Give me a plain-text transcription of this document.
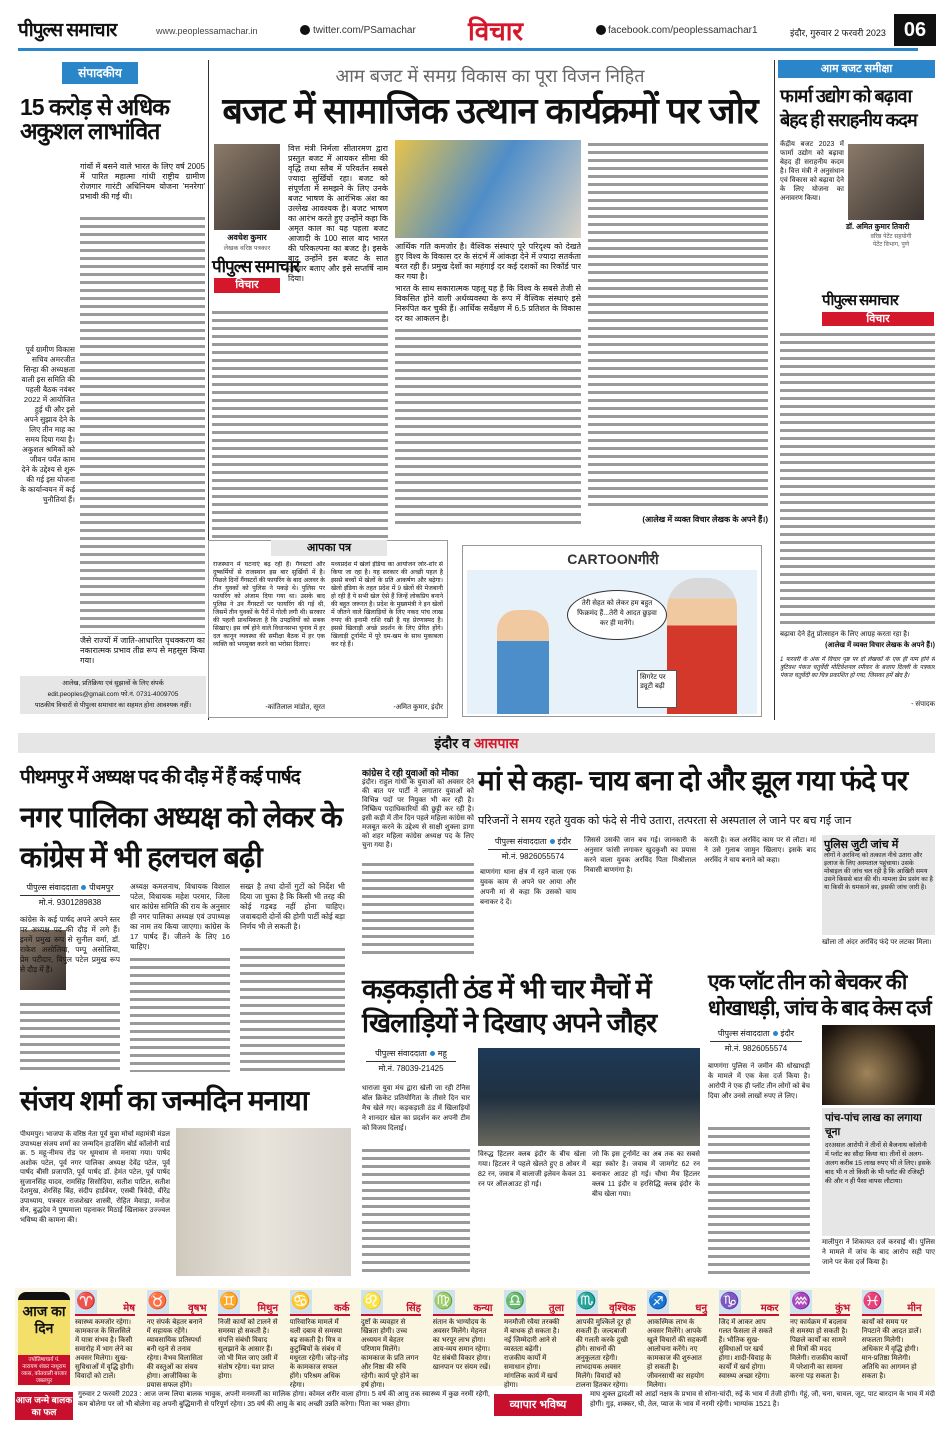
पीपुल्स समाचार	www.peoplessamachar.in	twitter.com/PSamachar विचार	facebook.com/peoplessamachar1	इंदौर, गुरुवार 2 फरवरी 2023 06
संपादकीय
15 करोड़ से अधिक अकुशल लाभांवित
गांवों में बसने वाले भारत के लिए वर्ष 2005 में पारित महात्मा गांधी राष्ट्रीय ग्रामीण रोजगार गारंटी अधिनियम योजना 'मनरेगा' प्रभावी की गई थी।
पूर्व ग्रामीण विकास सचिव अमरजीत सिन्हा की अध्यक्षता वाली इस समिति की पहली बैठक नवंबर 2022 में आयोजित हुई थी और इसे अपने सुझाव देने के लिए तीन माह का समय दिया गया है। अकुशल श्रमिकों को जीवन पर्यंत काम देने के उद्देश्य से शुरू की गई इस योजना के कार्यान्वयन में कई चुनौतियां हैं।
जैसे राज्यों में जाति-आधारित पृथक्करण का नकारात्मक प्रभाव तीव्र रूप से महसूस किया गया।
आलेख, प्रतिक्रिया एवं सुझावों के लिए संपर्क
edit.peoples@gmail.com फो.नं. 0731-4009705
पाठकीय विचारों से पीपुल्स समाचार का सहमत होना आवश्यक नहीं।
आम बजट में समग्र विकास का पूरा विजन निहित
बजट में सामाजिक उत्थान कार्यक्रमों पर जोर
अवधेश कुमार
लेखक वरिष्ठ पत्रकार
पीपुल्स समाचार
विचार
वित्त मंत्री निर्मला सीतारमण द्वारा प्रस्तुत बजट में आयकर सीमा की वृद्धि तथा स्लैब में परिवर्तन सबसे ज्यादा सुर्खियों रहा। बजट को संपूर्णता में समझने के लिए उनके बजट भाषण के आरंभिक अंश का उल्लेख आवश्यक है। बजट भाषण का आरंभ करते हुए उन्होंने कहा कि अमृत काल का यह पहला बजट आजादी के 100 साल बाद भारत की परिकल्पना का बजट है। इसके बाद उन्होंने इस बजट के सात आधार बताए और इसे सप्तर्षि नाम दिया।
आर्थिक गति कमजोर है। वैश्विक संस्थाएं पूरे परिदृश्य को देखते हुए विश्व के विकास दर के संदर्भ में आंकड़ा देने में ज्यादा सतर्कता बरत रही हैं। प्रमुख देशों का महंगाई दर कई दशकों का रिकॉर्ड पार कर गया है।
भारत के साथ सकारात्मक पहलू यह है कि विश्व के सबसे तेजी से विकसित होने वाली अर्थव्यवस्था के रूप में वैश्विक संस्थाएं इसे निरूपित कर चुकी हैं। आर्थिक सर्वेक्षण में 6.5 प्रतिशत के विकास दर का आकलन है।
(आलेख में व्यक्त विचार लेखक के अपने हैं।)
आपका पत्र
राजस्थान में घटनाएं बढ़ रही हैं। गैंगस्टरों और दुष्कर्मियों से राजस्थान इस बार सुर्खियों में है। पिछले दिनों गैंगस्टरों की फायरिंग के बाद अलवर के तीन युवकों को पुलिस ने पकड़े थे। पुलिस पर फायरिंग को अंजाम दिया गया था। उसके बाद पुलिस ने उन गैंगस्टरों पर फायरिंग की गई थी, जिसमें तीन युवकों के पैरों में गोली लगी थी। सरकार की पहली प्राथमिकता है कि उपद्रवियों को सबक सिखाए। इस वर्ष होने वाले विधानसभा चुनाव में हर दल कानून व्यवस्था की समीक्षा बैठक में हर एक व्यक्ति को भयमुक्त करने का भरोसा दिलाए।
-कांतिलाल मांडोत, सूरत
मध्यप्रदेश में खेलो इंडिया का आयोजन जोर-शोर से किया जा रहा है। यह सरकार की अच्छी पहल है इससे बच्चों में खेलों के प्रति आकर्षण और बढ़ेगा। खेलो इंडिया के तहत प्रदेश में 9 खेलों की मेजबानी हो रही है ये सभी खेल ऐसे हैं जिन्हें लोकप्रिय बनाने की बहुत जरूरत है। प्रदेश के मुख्यमंत्री ने इन खेलों में जीतने वाले खिलाड़ियों के लिए नकद पांच लाख रुपए की इनामी राशि रखी है यह प्रेरणास्पद है। इससे खिलाड़ी अच्छे प्रदर्शन के लिए प्रेरित होंगे। खिलाड़ी टूर्नामेंट में पूरे दम-खम के साथ मुकाबला कर रहे हैं।
-अमित कुमार, इंदौर
CARTOONगीरी
तेरी सेहत को लेकर हम बहुत फिक्रमंद हैं...तेरी ये आदत छुड़वा कर ही मानेंगे।
सिगरेट पर ड्यूटी बढ़ी
आम बजट समीक्षा
फार्मा उद्योग को बढ़ावा बेहद ही सराहनीय कदम
केंद्रीय बजट 2023 में फार्मा उद्योग को बढ़ावा बेहद ही सराहनीय कदम है। वित्त मंत्री ने अनुसंधान एवं विकास को बढ़ावा देने के लिए योजना का अनावरण किया।
डॉ. अमित कुमार तिवारी
वरिष्ठ पेटेंट सहयोगी
पेटेंट विभाग, पुणे
पीपुल्स समाचार
विचार
बढ़ावा देने हेतु प्रोत्साहन के लिए आग्रह करता रहा है।
(आलेख में व्यक्त विचार लेखक के अपने हैं।)
1 फरवरी के अंक में विचार पृष्ठ पर दो लेखकों के एक ही नाम होने से त्रुटिवश पंकज चतुर्वेदी मोटिवेशनल स्पीकर के बजाय दिल्ली के पत्रकार पंकज चतुर्वेदी का चित्र प्रकाशित हो गया, जिसका हमें खेद है।
- संपादक
इंदौर व आसपास
पीथमपुर में अध्यक्ष पद की दौड़ में हैं कई पार्षद
नगर पालिका अध्यक्ष को लेकर के कांग्रेस में भी हलचल बढ़ी
पीपुल्स संवाददाता पीथमपुर
मो.नं. 9301289838
कांग्रेस के कई पार्षद अपने अपने स्तर पर अध्यक्ष पद की दौड़ में लगे हैं। इनमें प्रमुख रूप से सुनील वर्मा, डॉ. राकेश असोलिया, पम्पू असोलिया, प्रेम पटीदार, विपुल पटेल प्रमुख रूप से दौड़ में हैं।
अध्यक्ष कमलनाथ, विधायक विशाल पटेल, विधायक महेश परमार, जिला धार कांग्रेस समिति की राय के अनुसार ही नगर पालिका अध्यक्ष एवं उपाध्यक्ष का नाम तय किया जाएगा। कांग्रेस के 17 पार्षद हैं। जीतने के लिए 16 चाहिए।
सख्त है तथा दोनों गुटों को निर्देश भी दिया जा चुका है कि किसी भी तरह की कोई गड़बड़ नहीं होना चाहिए। जवाबदारी दोनों की होगी पार्टी कोई बड़ा निर्णय भी ले सकती है।
कांग्रेस दे रही युवाओं को मौका
इंदौर। राहुल गांधी के युवाओं को अवसर देने की बात पर पार्टी ने लगातार युवाओं को विभिन्न पदों पर नियुक्त भी कर रही है। निष्क्रिय पदाधिकारियों की छुट्टी कर रही है। इसी कड़ी में तीन दिन पहले महिला कांग्रेस को मजबूत करने के उद्देश्य से साक्षी शुक्ला डागा को शहर महिला कांग्रेस अध्यक्ष पद के लिए चुना गया है।
मां से कहा- चाय बना दो और झूल गया फंदे पर
परिजनों ने समय रहते युवक को फंदे से नीचे उतारा, तत्परता से अस्पताल ले जाने पर बच गई जान
पीपुल्स संवाददाता इंदौर
मो.नं. 9826055574
बाणगंगा थाना क्षेत्र में रहने वाला एक युवक काम से अपने घर आया और अपनी मां से कहा कि उसको चाय बनाकर दे दें।
जिससे उसकी जान बच गई। जानकारी के अनुसार फांसी लगाकर खुदकुशी का प्रयास करने वाला युवक अरविंद पिता मिश्रीलाल निवासी बाणगंगा है।
करती है। कल अरविंद काम पर से लौटा। मां ने उसे गुलाब जामुन खिलाए। इसके बाद अरविंद ने चाय बनाने को कहा।
पुलिस जुटी जांच में
लोगों ने अरविन्द को तत्काल नीचे उतारा और इलाज के लिए अस्पताल पहुंचाया। उसके मोबाइल की जांच चल रही है कि आखिरी समय उसने किससे बात की थी। मामला प्रेम प्रसंग का है या किसी के धमकाने का, इसकी जांच जारी है।
खोला तो अंदर अरविंद फंदे पर लटका मिला।
कड़कड़ाती ठंड में भी चार मैचों में खिलाड़ियों ने दिखाए अपने जौहर
पीपुल्स संवाददाता महू
मो.नं. 78039-21425
धाराजा युवा मंच द्वारा खेली जा रही टेनिस बॉल क्रिकेट प्रतियोगिता के तीसरे दिन चार मैच खेले गए। कड़कड़ाती ठंड में खिलाड़ियों ने शानदार खेल का प्रदर्शन कर अपनी टीम को विजय दिलाई।
विरुद्ध हिटलर क्लब इंदौर के बीच खेला गया। हिटलर ने पहले खेलते हुए 8 ओवर में 82 रन, जवाब में बालाजी इलेवन केवल 31 रन पर ऑलआउट हो गई।
जो कि इस टूर्नामेंट का अब तक का सबसे बड़ा स्कोर है। जवाब में जामगेट 62 रन बनाकर आउट हो गई। चौथा मैच हिटलर क्लब 11 इंदौर व हरसिद्धि क्लब इंदौर के बीच खेला गया।
एक प्लॉट तीन को बेचकर की धोखाधड़ी, जांच के बाद केस दर्ज
पीपुल्स संवाददाता इंदौर
मो.नं. 9826055574
बाणगंगा पुलिस ने जमीन की धोखाधड़ी के मामले में एक केस दर्ज किया है। आरोपी ने एक ही प्लॉट तीन लोगों को बेच दिया और उनसे लाखों रुपए ले लिए।
पांच-पांच लाख का लगाया चूना
दरअसल आरोपी ने तीनों से बैजनाथ कॉलोनी में प्लॉट का सौदा किया था। तीनों से अलग-अलग करीब 15 लाख रुपए भी ले लिए। इसके बाद भी न तो किसी के भी प्लॉट की रजिस्ट्री की और न ही पैसा वापस लौटाया।
मालीपुरा ने शिकायत दर्ज करवाई थी। पुलिस ने मामले में जांच के बाद आरोप सही पाए जाने पर केस दर्ज किया है।
संजय शर्मा का जन्मदिन मनाया
पीथमपुर। भाजपा के वरिष्ठ नेता पूर्व युवा मोर्चा महामंत्री मंडल उपाध्यक्ष संजय शर्मा का जन्मदिन हाउसिंग बोर्ड कॉलोनी वार्ड क्र. 5 महू-नीमच रोड पर धूमधाम से मनाया गया। पार्षद अशोक पटेल, पूर्व नगर पालिका अध्यक्ष देवेंद्र पटेल, पूर्व पार्षद बीसी प्रजापति, पूर्व पार्षद डॉ. हेमंत पटेल, पूर्व पार्षद सुजानसिंह यादव, रामसिंह सिसोदिया, सतीश पाटिल, सतीश देशमुख, शेरसिंह बिंह, संदीप हार्डवेयर, एसबी त्रिवेदी, वीरेंद्र उपाध्याय, पत्रकार राजशेखर शास्त्री, रोहित मेवाड़ा, मनोज सेन, बुद्धदेव ने पुष्पमाला पहनाकर मिठाई खिलाकर उज्ज्वल भविष्य की कामना की।
आज का दिन
ज्योतिषाचार्य पं. नारायण शंकर नाथूराम व्यास, कोतवाली बाजार जबलपुर
♈	मेष
स्वास्थ्य कमजोर रहेगा। कामकाज के सिलसिले में यात्रा संभव है। किसी समारोह में भाग लेने का अवसर मिलेगा। सुख-सुविधाओं में वृद्धि होगी। विवादों को टालें।
♉ वृषभ
नए संपर्क बेहतर बनाने में सहायक रहेंगे। व्यावसायिक प्रतिस्पर्धा बनी रहने से तनाव रहेगा। वैभव विलासिता की वस्तुओं का संचय होगा। आजीविका के प्रयास सफल होंगे।
♊ मिथुन
निजी कार्यों को टालने से समस्या हो सकती है। संपत्ति संबंधी विवाद सुलझाने के आसार हैं। जो भी मिल जाए उसी में संतोष रहेगा। यश प्राप्त होगा।
♋ कर्क
पारिवारिक मामले में चली दबाव से समस्या बढ़ सकती है। मित्र व कुटुम्बियों के संबंध में मधुरता रहेगी। जोड़-तोड़ के कामकाज सफल होंगे। परिश्रम अधिक रहेगा।
♌ सिंह
दुष्टों के व्यवहार से खिन्नता होगी। उच्च अध्ययन में बेहतर परिणाम मिलेंगे। कामकाज के प्रति लगन और निष्ठा की रुचि रहेगी। कार्य पूरे होने का हर्ष होगा।
♍ कन्या
संतान के भाग्योदय के अवसर मिलेंगे। मेहनत का भरपूर लाभ होगा। आय-व्यय समान रहेगा। पेट संबंधी विकार होगा। खानपान पर संयम रखें।
♎ तुला
मनमौजी रवैया तरक्की में बाधक हो सकता है। नई जिम्मेदारी आने से व्यस्तता बढ़ेगी। राजकीय कार्यों में समाधान होगा। मांगलिक कार्य में खर्च होगा।
♏ वृश्चिक
आपकी मुश्किलें दूर हो सकती हैं। जल्दबाजी की गलती करके दुखी होंगे। साधनों की अनुकूलता रहेगी। लाभदायक अवसर मिलेंगे। विवादों को टालना हितकर रहेगा।
♐	धनु
आकस्मिक लाभ के अवसर मिलेंगे। आपके खुले विचारों की सहकर्मी आलोचना करेंगे। नए कामकाज की शुरुआत हो सकती है। जीवनसाथी का सहयोग मिलेगा।
♑ मकर
जिद में आकर आप गलत फैसला ले सकते हैं। भौतिक सुख-सुविधाओं पर खर्च होगा। शादी-विवाह के कार्यों में खर्च होगा। स्वास्थ्य अच्छा रहेगा।
♒ कुंभ
नए कार्यक्रम में बदलाव से समस्या हो सकती है। पिछले कार्यों का सामने से मित्रों की मदद मिलेगी। राजकीय कार्यों में परेशानी का सामना करना पड़ सकता है।
♓ मीन
कार्यों को समय पर निपटाने की आदत डालें। सफलता मिलेगी। अधिकार में वृद्धि होगी। मान-प्रतिष्ठा मिलेगी। अतिथि का आगमन हो सकता है।
आज जन्मे बालक का फल
गुरुवार 2 फरवरी 2023 : आज जन्म लिया बालक भावुक, अपनी मनमर्जी का मालिक होगा। कोमल शरीर वाला होगा। 5 वर्ष की आयु तक स्वास्थ्य में कुछ नरमी रहेगी, कम बोलेगा पर जो भी बोलेगा वह अपनी बुद्धिमानी से परिपूर्ण रहेगा। 35 वर्ष की आयु के बाद अच्छी उन्नति करेगा। पिता का भक्त होगा।	व्यापार भविष्य
माघ शुक्ल द्वादशी को आर्द्रा नक्षत्र के प्रभाव से सोना-चांदी, रुई के भाव में तेजी होगी। गेहूं, जौ, चना, चावल, जूट, पाट बारदान के भाव में मंदी होगी। गुड़, शक्कर, घी, तेल, प्याज के भाव में नरमी रहेगी। भाग्यांक 1521 है।
